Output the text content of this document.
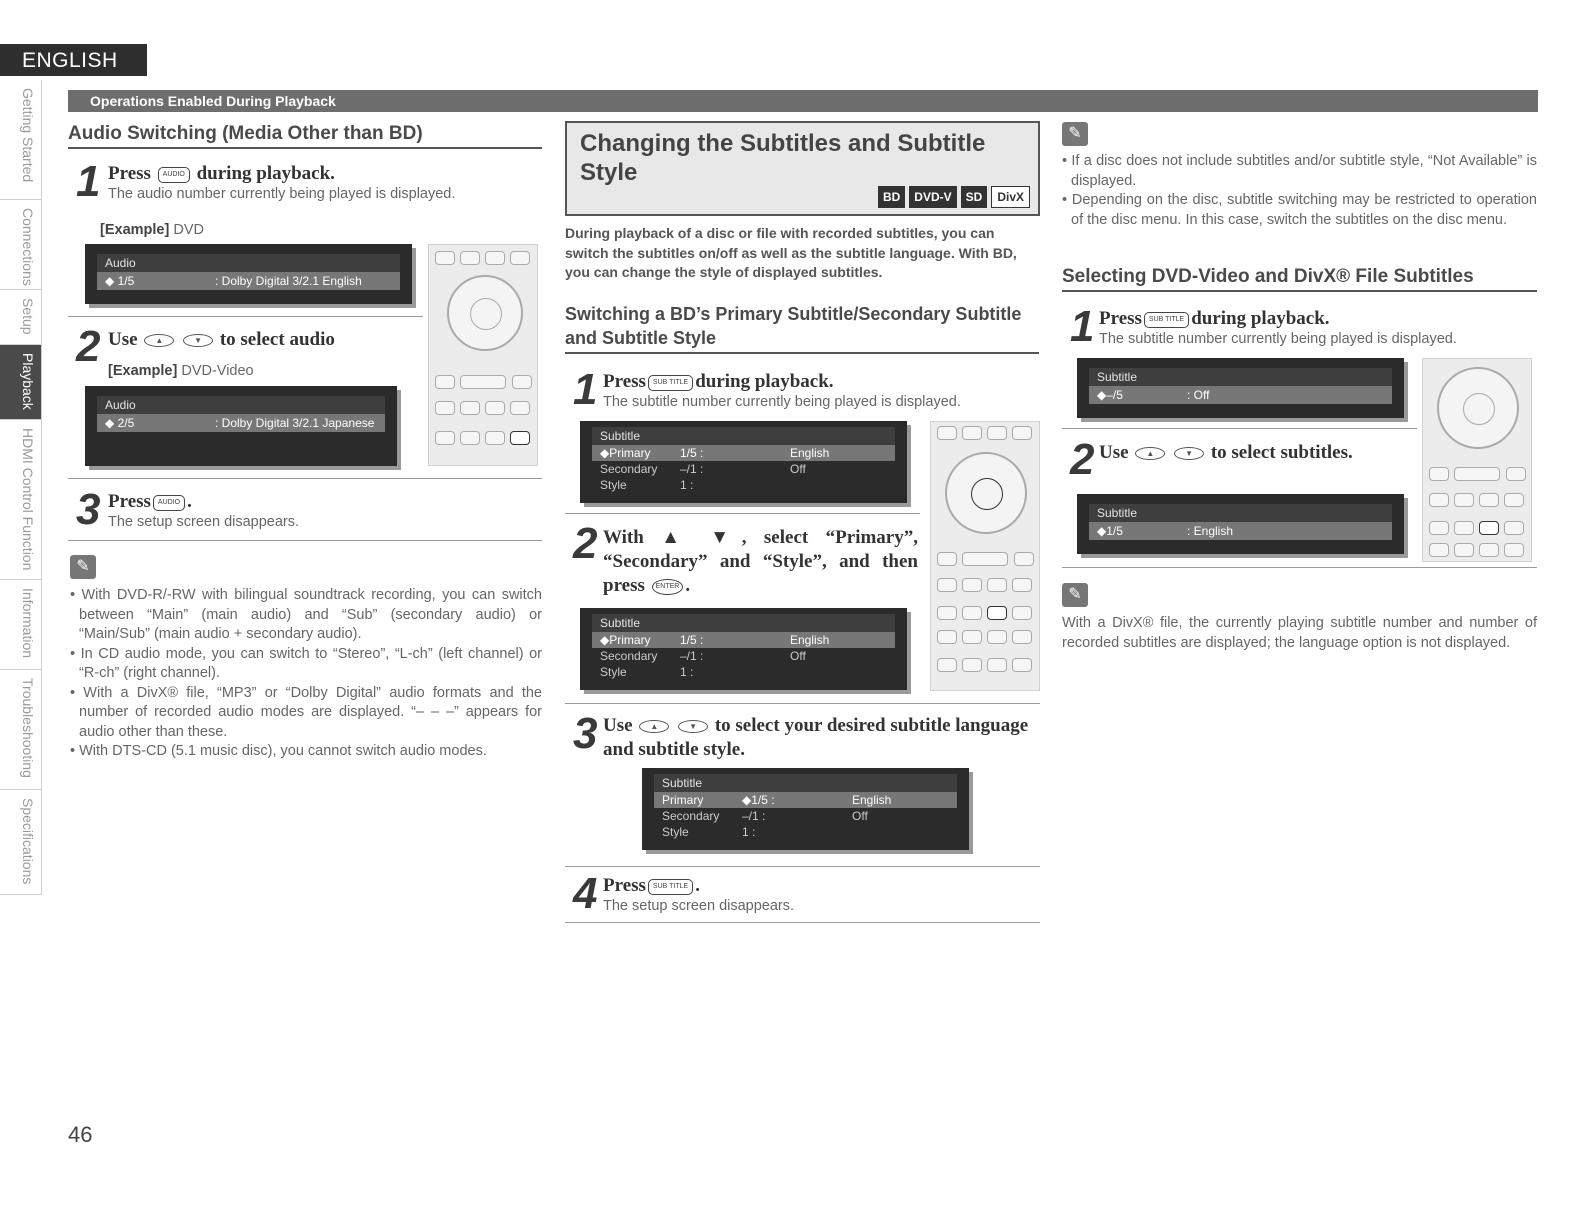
ENGLISH
Getting Started
Connections
Setup
Playback
HDMI Control Function
Information
Troubleshooting
Specifications
Operations Enabled During Playback
Audio Switching (Media Other than BD)
1 Press AUDIO during playback.
The audio number currently being played is displayed.
[Example] DVD
Audio
◆ 1/5	: Dolby Digital 3/2.1 English
2 Use ▲	▼ to select audio
[Example] DVD-Video
Audio
◆ 2/5	: Dolby Digital 3/2.1 Japanese
3 Press AUDIO .
The setup screen disappears.
✎
• With DVD-R/-RW with bilingual soundtrack recording, you can switch between “Main” (main audio) and “Sub” (secondary audio) or “Main/Sub” (main audio + secondary audio).
• In CD audio mode, you can switch to “Stereo”, “L-ch” (left channel) or “R-ch” (right channel).
• With a DivX® file, “MP3” or “Dolby Digital” audio formats and the number of recorded audio modes are displayed. “– – –” appears for audio other than these.
• With DTS-CD (5.1 music disc), you cannot switch audio modes.
Changing the Subtitles and Subtitle Style
BD	DVD-V	SD	DivX
During playback of a disc or file with recorded subtitles, you can switch the subtitles on/off as well as the subtitle language. With BD, you can change the style of displayed subtitles.
Switching a BD’s Primary Subtitle/Secondary Subtitle and Subtitle Style
1 Press SUB TITLE during playback.
The subtitle number currently being played is displayed.
Subtitle
◆Primary	1/5 :	English
Secondary	–/1 :	Off
Style	1 :
2 With ▲ ▼, select “Primary”, “Secondary” and “Style”, and then press ENTER .
Subtitle
◆Primary	1/5 :	English
Secondary	–/1 :	Off
Style	1 :
3 Use ▲	▼ to select your desired subtitle language and subtitle style.
Subtitle
Primary	◆1/5 :	English
Secondary	–/1 :	Off
Style	1 :
4 Press SUB TITLE .
The setup screen disappears.
✎
• If a disc does not include subtitles and/or subtitle style, “Not Available” is displayed.
• Depending on the disc, subtitle switching may be restricted to operation of the disc menu. In this case, switch the subtitles on the disc menu.
Selecting DVD-Video and DivX® File Subtitles
1 Press SUB TITLE during playback.
The subtitle number currently being played is displayed.
Subtitle
◆–/5	: Off
2 Use ▲	▼ to select subtitles.
Subtitle
◆1/5	: English
✎
With a DivX® file, the currently playing subtitle number and number of recorded subtitles are displayed; the language option is not displayed.
46
